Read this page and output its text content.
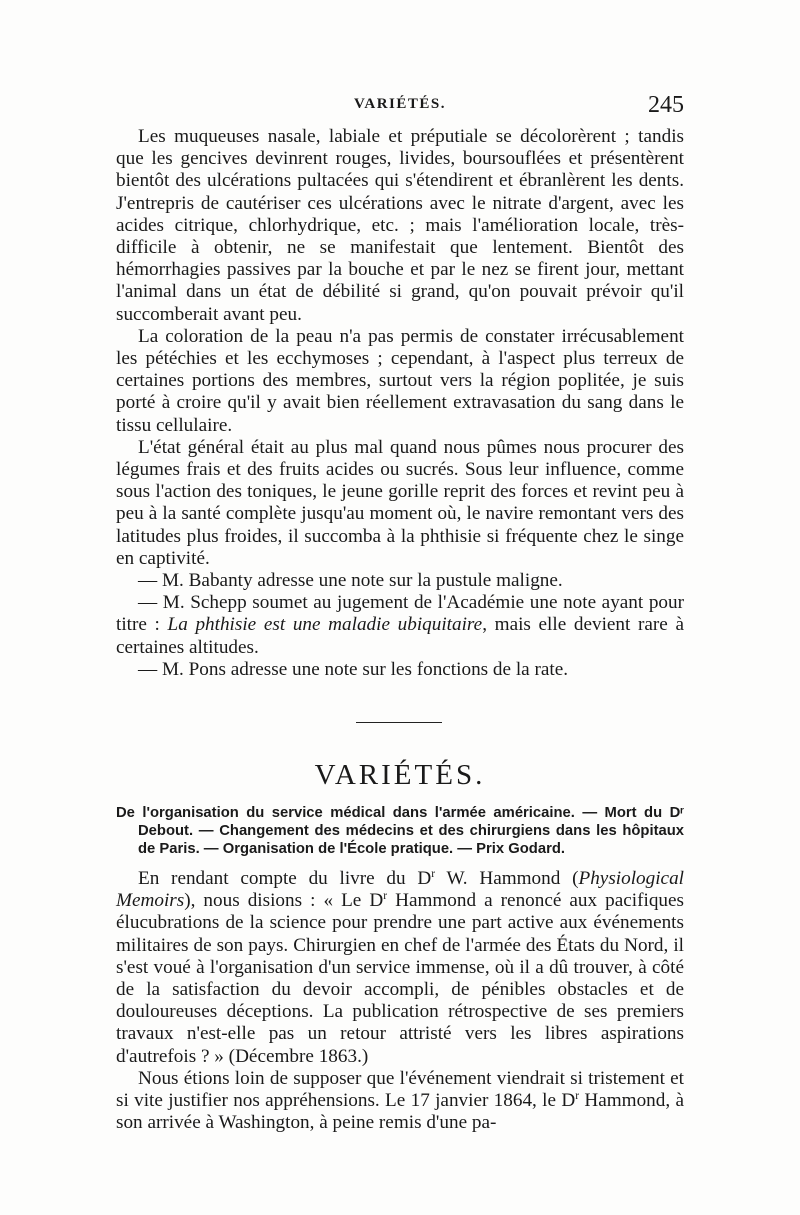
VARIÉTÉS.	245

Les muqueuses nasale, labiale et préputiale se décolorèrent ; tandis que les gencives devinrent rouges, livides, boursouflées et présentèrent bientôt des ulcérations pultacées qui s'étendirent et ébranlèrent les dents. J'entrepris de cautériser ces ulcérations avec le nitrate d'argent, avec les acides citrique, chlorhydrique, etc. ; mais l'amélioration locale, très-difficile à obtenir, ne se manifestait que lentement. Bientôt des hémorrhagies passives par la bouche et par le nez se firent jour, mettant l'animal dans un état de débilité si grand, qu'on pouvait prévoir qu'il succomberait avant peu.

La coloration de la peau n'a pas permis de constater irrécusablement les pétéchies et les ecchymoses ; cependant, à l'aspect plus terreux de certaines portions des membres, surtout vers la région poplitée, je suis porté à croire qu'il y avait bien réellement extravasation du sang dans le tissu cellulaire.

L'état général était au plus mal quand nous pûmes nous procurer des légumes frais et des fruits acides ou sucrés. Sous leur influence, comme sous l'action des toniques, le jeune gorille reprit des forces et revint peu à peu à la santé complète jusqu'au moment où, le navire remontant vers des latitudes plus froides, il succomba à la phthisie si fréquente chez le singe en captivité.

— M. Babanty adresse une note sur la pustule maligne.

— M. Schepp soumet au jugement de l'Académie une note ayant pour titre : La phthisie est une maladie ubiquitaire, mais elle devient rare à certaines altitudes.

— M. Pons adresse une note sur les fonctions de la rate.

VARIÉTÉS.

De l'organisation du service médical dans l'armée américaine. — Mort du Dʳ Debout. — Changement des médecins et des chirurgiens dans les hôpitaux de Paris. — Organisation de l'École pratique. — Prix Godard.

En rendant compte du livre du $D^r$ W. Hammond (Physiological Memoirs), nous disions : « Le $D^r$ Hammond a renoncé aux pacifiques élucubrations de la science pour prendre une part active aux événements militaires de son pays. Chirurgien en chef de l'armée des États du Nord, il s'est voué à l'organisation d'un service immense, où il a dû trouver, à côté de la satisfaction du devoir accompli, de pénibles obstacles et de douloureuses déceptions. La publication rétrospective de ses premiers travaux n'est-elle pas un retour attristé vers les libres aspirations d'autrefois ? » (Décembre 1863.)

Nous étions loin de supposer que l'événement viendrait si tristement et si vite justifier nos appréhensions. Le 17 janvier 1864, le $D^r$ Hammond, à son arrivée à Washington, à peine remis d'une pa-
